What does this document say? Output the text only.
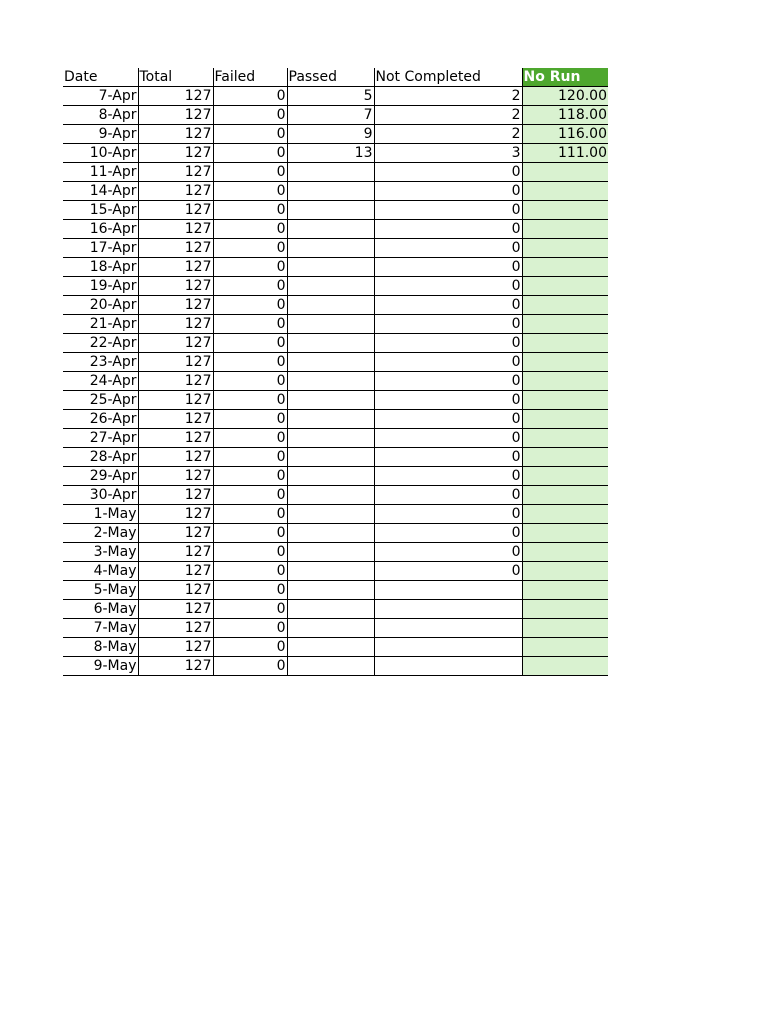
Date	Total	Failed	Passed	Not Completed	No Run
7-Apr	127	0	5	2	120.00
8-Apr	127	0	7	2	118.00
9-Apr	127	0	9	2	116.00
10-Apr	127	0	13	3	111.00
11-Apr	127	0		0	
14-Apr	127	0		0	
15-Apr	127	0		0	
16-Apr	127	0		0	
17-Apr	127	0		0	
18-Apr	127	0		0	
19-Apr	127	0		0	
20-Apr	127	0		0	
21-Apr	127	0		0	
22-Apr	127	0		0	
23-Apr	127	0		0	
24-Apr	127	0		0	
25-Apr	127	0		0	
26-Apr	127	0		0	
27-Apr	127	0		0	
28-Apr	127	0		0	
29-Apr	127	0		0	
30-Apr	127	0		0	
1-May	127	0		0	
2-May	127	0		0	
3-May	127	0		0	
4-May	127	0		0	
5-May	127	0			
6-May	127	0			
7-May	127	0			
8-May	127	0			
9-May	127	0			
